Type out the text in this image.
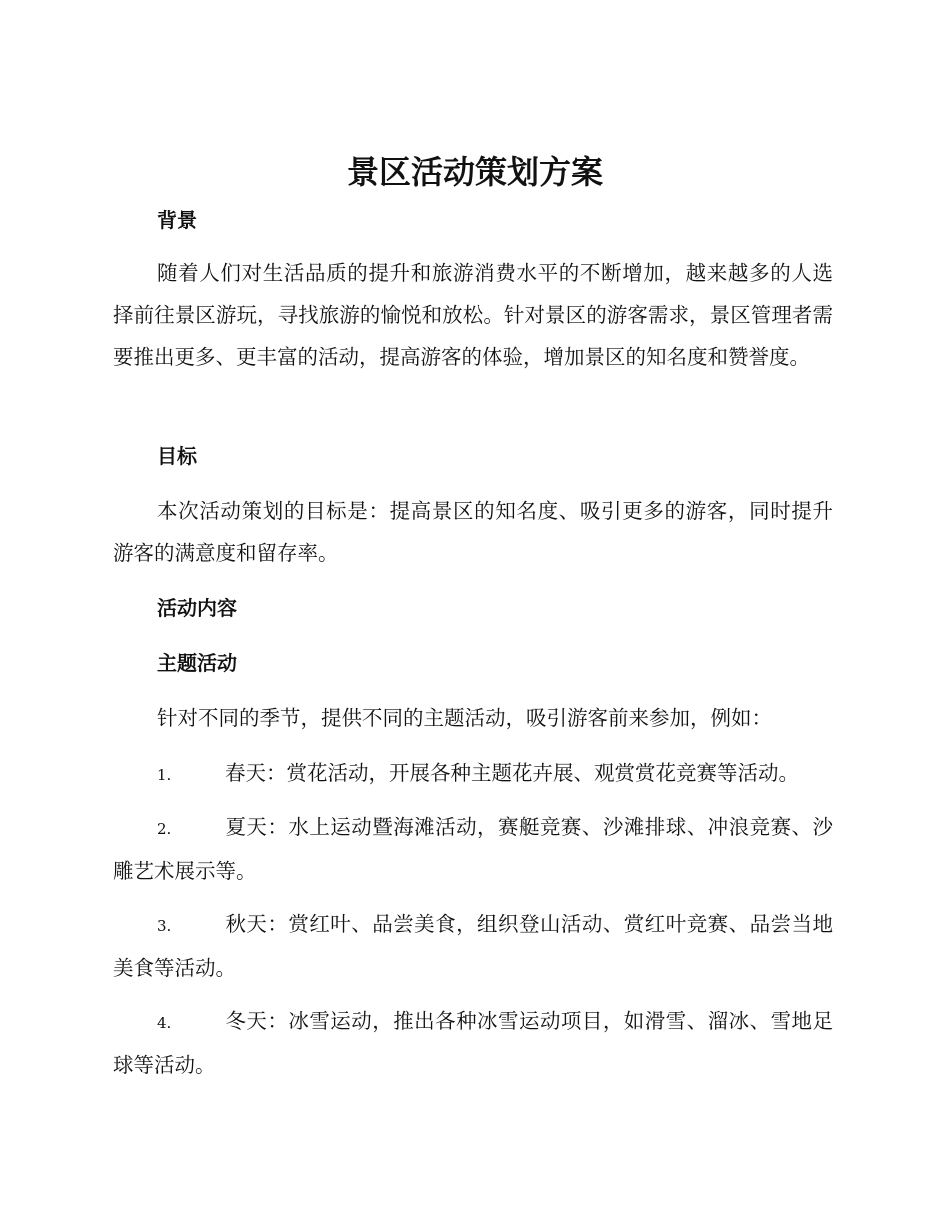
景区活动策划方案
背景

随着人们对生活品质的提升和旅游消费水平的不断增加，越来越多的人选择前往景区游玩，寻找旅游的愉悦和放松。针对景区的游客需求，景区管理者需要推出更多、更丰富的活动，提高游客的体验，增加景区的知名度和赞誉度。

目标

本次活动策划的目标是：提高景区的知名度、吸引更多的游客，同时提升游客的满意度和留存率。

活动内容
主题活动

针对不同的季节，提供不同的主题活动，吸引游客前来参加，例如：

1.	春天：赏花活动，开展各种主题花卉展、观赏赏花竞赛等活动。

2.	夏天：水上运动暨海滩活动，赛艇竞赛、沙滩排球、冲浪竞赛、沙雕艺术展示等。

3.	秋天：赏红叶、品尝美食，组织登山活动、赏红叶竞赛、品尝当地美食等活动。

4.	冬天：冰雪运动，推出各种冰雪运动项目，如滑雪、溜冰、雪地足球等活动。
